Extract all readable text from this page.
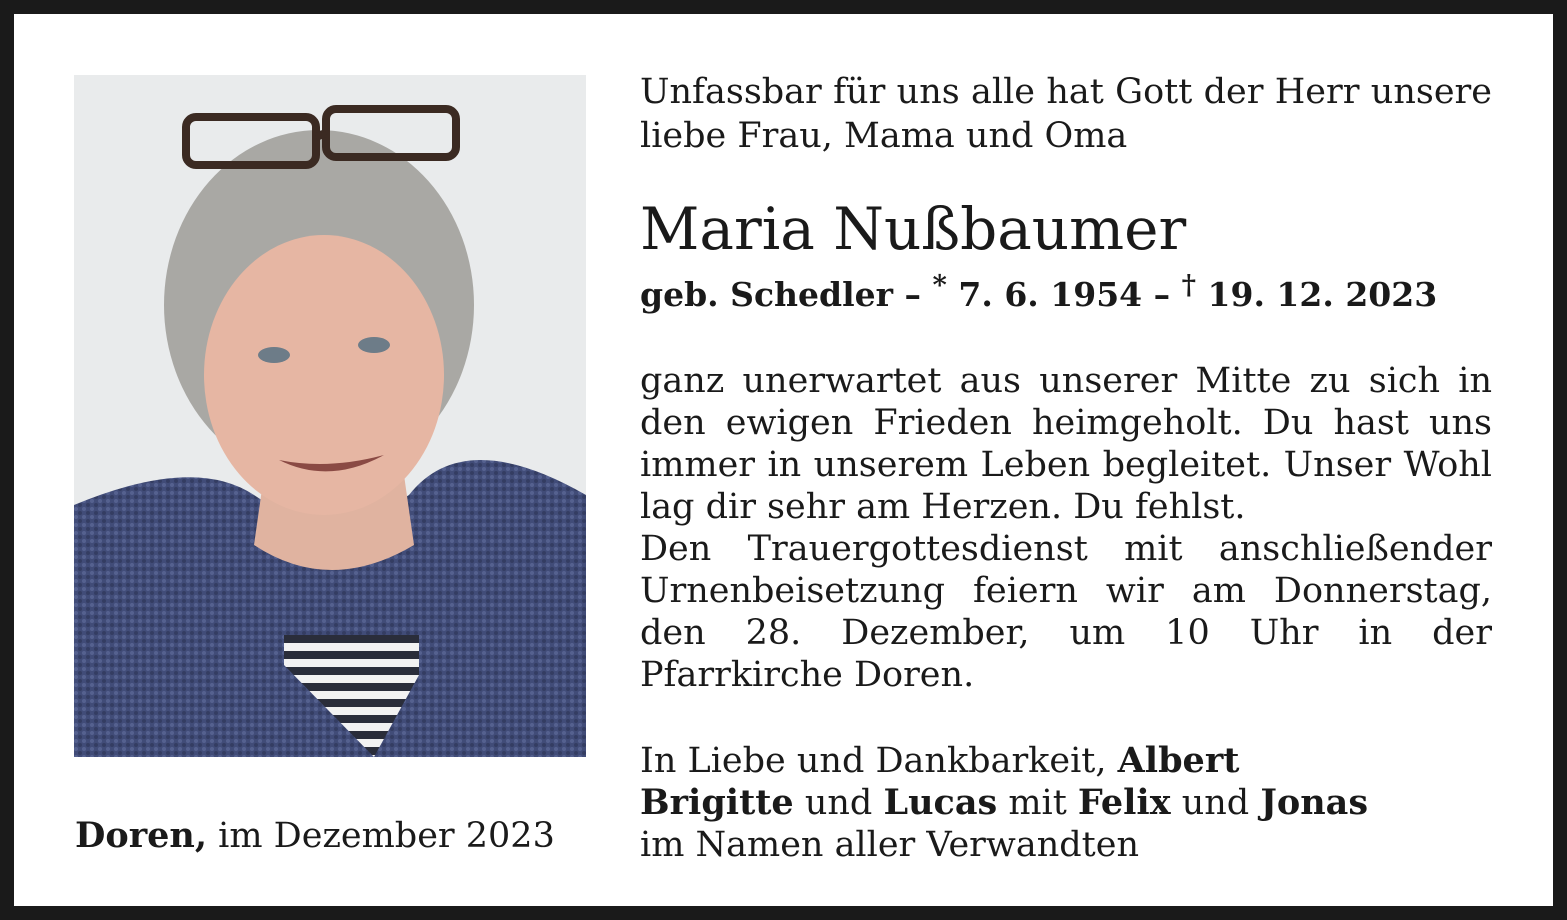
Doren, im Dezember 2023

Unfassbar für uns alle hat Gott der Herr unsere liebe Frau, Mama und Oma

Maria Nußbaumer

geb. Schedler – * 7. 6. 1954 – † 19. 12. 2023

ganz unerwartet aus unserer Mitte zu sich in den ewigen Frieden heimgeholt. Du hast uns immer in unserem Leben begleitet. Unser Wohl lag dir sehr am Herzen. Du fehlst.

Den Trauergottesdienst mit anschließender Urnenbeisetzung feiern wir am Donnerstag, den 28. Dezember, um 10 Uhr in der Pfarrkirche Doren.

In Liebe und Dankbarkeit, Albert
Brigitte und Lucas mit Felix und Jonas
im Namen aller Verwandten
